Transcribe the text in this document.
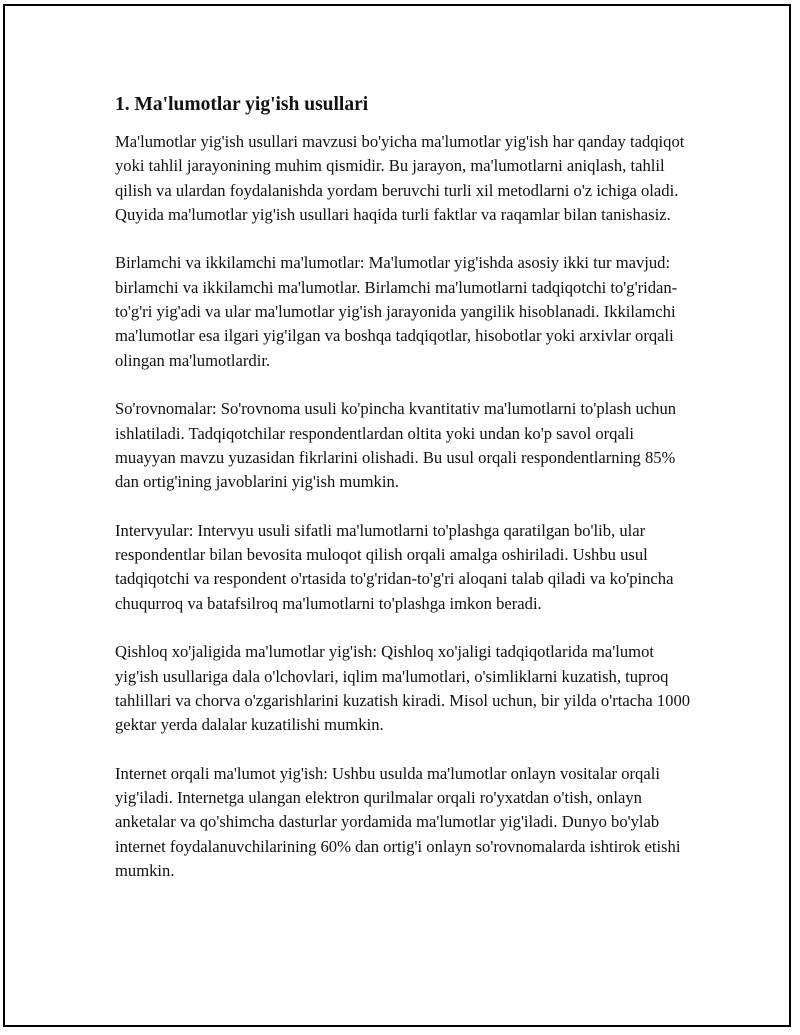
1. Ma'lumotlar yig'ish usullari

Ma'lumotlar yig'ish usullari mavzusi bo'yicha ma'lumotlar yig'ish har qanday tadqiqot yoki tahlil jarayonining muhim qismidir. Bu jarayon, ma'lumotlarni aniqlash, tahlil qilish va ulardan foydalanishda yordam beruvchi turli xil metodlarni o'z ichiga oladi. Quyida ma'lumotlar yig'ish usullari haqida turli faktlar va raqamlar bilan tanishasiz.

Birlamchi va ikkilamchi ma'lumotlar: Ma'lumotlar yig'ishda asosiy ikki tur mavjud: birlamchi va ikkilamchi ma'lumotlar. Birlamchi ma'lumotlarni tadqiqotchi to'g'ridan-to'g'ri yig'adi va ular ma'lumotlar yig'ish jarayonida yangilik hisoblanadi. Ikkilamchi ma'lumotlar esa ilgari yig'ilgan va boshqa tadqiqotlar, hisobotlar yoki arxivlar orqali olingan ma'lumotlardir.

So'rovnomalar: So'rovnoma usuli ko'pincha kvantitativ ma'lumotlarni to'plash uchun ishlatiladi. Tadqiqotchilar respondentlardan oltita yoki undan ko'p savol orqali muayyan mavzu yuzasidan fikrlarini olishadi. Bu usul orqali respondentlarning 85% dan ortig'ining javoblarini yig'ish mumkin.

Intervyular: Intervyu usuli sifatli ma'lumotlarni to'plashga qaratilgan bo'lib, ular respondentlar bilan bevosita muloqot qilish orqali amalga oshiriladi. Ushbu usul tadqiqotchi va respondent o'rtasida to'g'ridan-to'g'ri aloqani talab qiladi va ko'pincha chuqurroq va batafsilroq ma'lumotlarni to'plashga imkon beradi.

Qishloq xo'jaligida ma'lumotlar yig'ish: Qishloq xo'jaligi tadqiqotlarida ma'lumot yig'ish usullariga dala o'lchovlari, iqlim ma'lumotlari, o'simliklarni kuzatish, tuproq tahlillari va chorva o'zgarishlarini kuzatish kiradi. Misol uchun, bir yilda o'rtacha 1000 gektar yerda dalalar kuzatilishi mumkin.

Internet orqali ma'lumot yig'ish: Ushbu usulda ma'lumotlar onlayn vositalar orqali yig'iladi. Internetga ulangan elektron qurilmalar orqali ro'yxatdan o'tish, onlayn anketalar va qo'shimcha dasturlar yordamida ma'lumotlar yig'iladi. Dunyo bo'ylab internet foydalanuvchilarining 60% dan ortig'i onlayn so'rovnomalarda ishtirok etishi mumkin.
